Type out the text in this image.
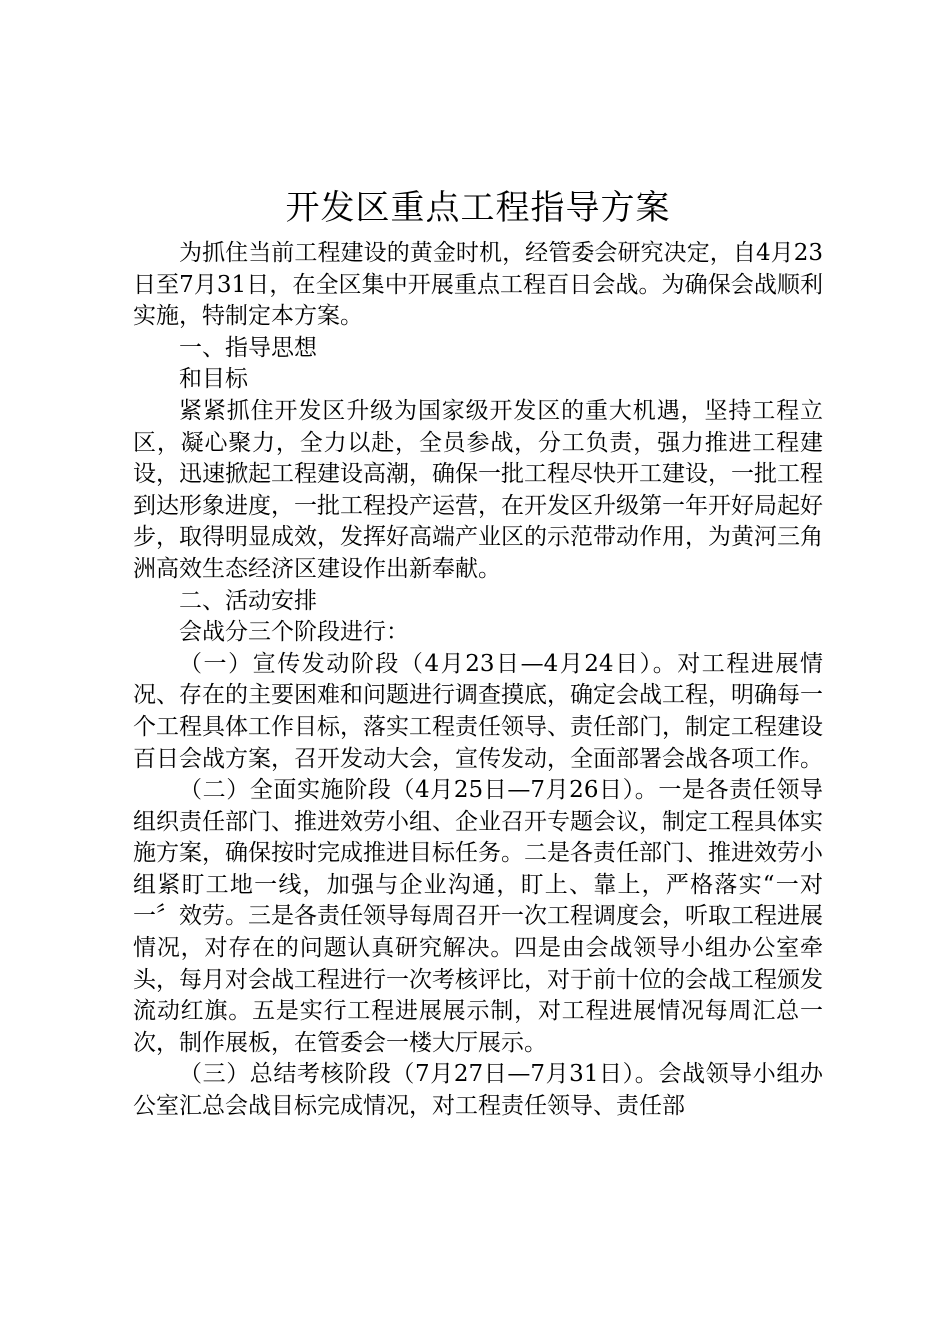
开发区重点工程指导方案

为抓住当前工程建设的黄金时机，经管委会研究决定，自4月23日至7月31日，在全区集中开展重点工程百日会战。为确保会战顺利实施，特制定本方案。

一、指导思想

和目标

紧紧抓住开发区升级为国家级开发区的重大机遇，坚持工程立区，凝心聚力，全力以赴，全员参战，分工负责，强力推进工程建设，迅速掀起工程建设高潮，确保一批工程尽快开工建设，一批工程到达形象进度，一批工程投产运营，在开发区升级第一年开好局起好步，取得明显成效，发挥好高端产业区的示范带动作用，为黄河三角洲高效生态经济区建设作出新奉献。

二、活动安排

会战分三个阶段进行：

（一）宣传发动阶段（4月23日—4月24日）。对工程进展情况、存在的主要困难和问题进行调查摸底，确定会战工程，明确每一个工程具体工作目标，落实工程责任领导、责任部门，制定工程建设百日会战方案，召开发动大会，宣传发动，全面部署会战各项工作。

（二）全面实施阶段（4月25日—7月26日）。一是各责任领导组织责任部门、推进效劳小组、企业召开专题会议，制定工程具体实施方案，确保按时完成推进目标任务。二是各责任部门、推进效劳小组紧盯工地一线，加强与企业沟通，盯上、靠上，严格落实“一对一〞效劳。三是各责任领导每周召开一次工程调度会，听取工程进展情况，对存在的问题认真研究解决。四是由会战领导小组办公室牵头，每月对会战工程进行一次考核评比，对于前十位的会战工程颁发流动红旗。五是实行工程进展展示制，对工程进展情况每周汇总一次，制作展板，在管委会一楼大厅展示。

（三）总结考核阶段（7月27日—7月31日）。会战领导小组办公室汇总会战目标完成情况，对工程责任领导、责任部
